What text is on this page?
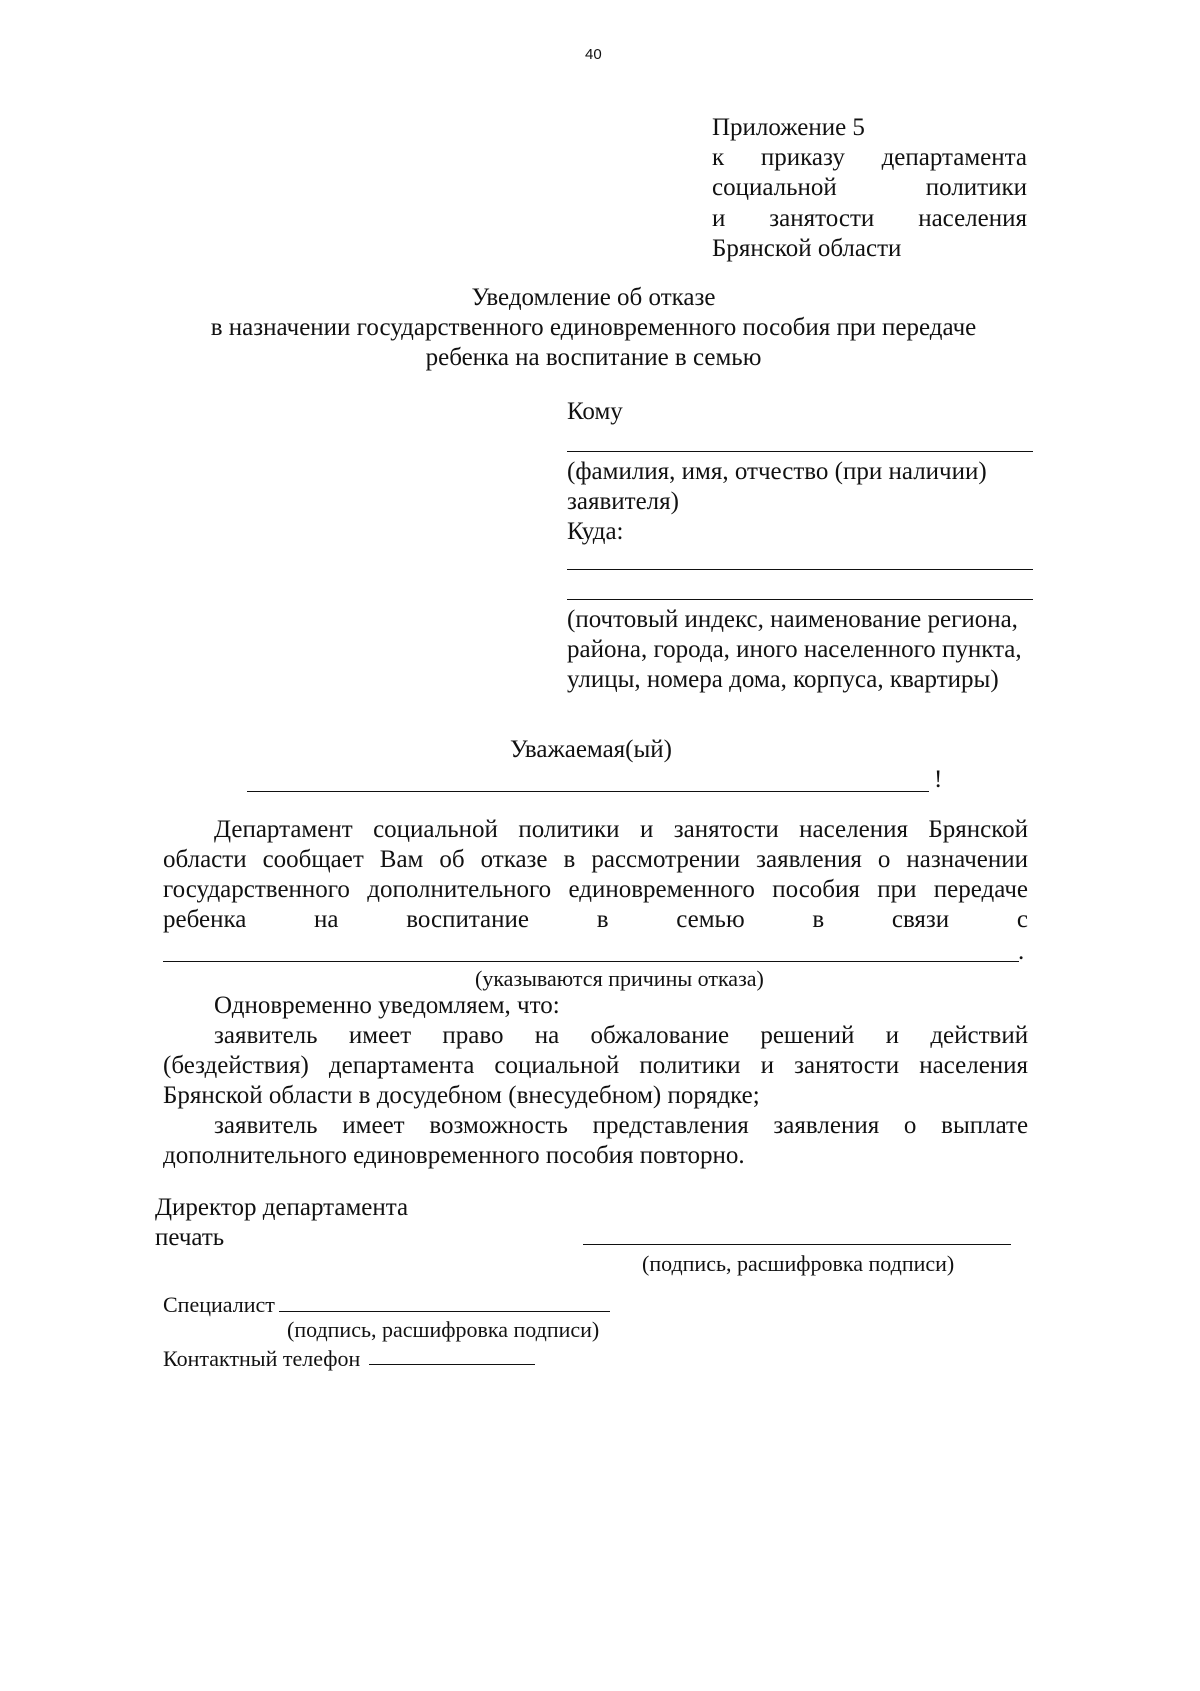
40
Приложение 5
к приказу департамента
социальной	политики
и занятости населения
Брянской области
Уведомление об отказе
в назначении государственного единовременного пособия при передаче
ребенка на воспитание в семью
Кому
(фамилия, имя, отчество (при наличии)
заявителя)
Куда:
(почтовый индекс, наименование региона,
района, города, иного населенного пункта,
улицы, номера дома, корпуса, квартиры)
Уважаемая(ый)
!
Департамент социальной политики и занятости населения Брянской
области сообщает Вам об отказе в рассмотрении заявления о назначении
государственного дополнительного единовременного пособия при передаче
ребенка	на	воспитание	в	семью	в	связи	с
.
(указываются причины отказа)
Одновременно уведомляем, что:
заявитель имеет право на обжалование решений и действий
(бездействия) департамента социальной политики и занятости населения
Брянской области в досудебном (внесудебном) порядке;
заявитель имеет возможность представления заявления о выплате
дополнительного единовременного пособия повторно.
Директор департамента
печать
(подпись, расшифровка подписи)
Специалист
(подпись, расшифровка подписи)
Контактный телефон
